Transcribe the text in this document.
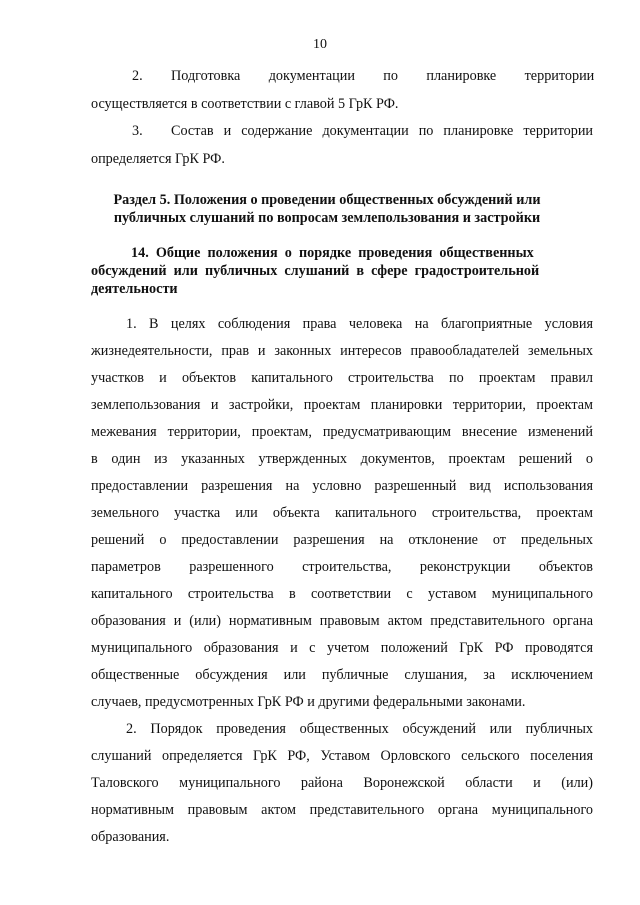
10
2.  Подготовка  документации  по  планировке  территории
осуществляется в соответствии с главой 5 ГрК РФ.
3.  Состав и содержание документации по планировке территории
определяется ГрК РФ.
Раздел 5. Положения о проведении общественных обсуждений или
публичных слушаний по вопросам землепользования и застройки
14. Общие положения о порядке проведения общественных
обсуждений или публичных слушаний в сфере градостроительной
деятельности
1. В целях соблюдения права человека на благоприятные условия
жизнедеятельности, прав и законных интересов правообладателей земельных
участков и объектов капитального строительства по проектам правил
землепользования и застройки, проектам планировки территории, проектам
межевания территории, проектам, предусматривающим внесение изменений
в один из указанных утвержденных документов, проектам решений о
предоставлении разрешения на условно разрешенный вид использования
земельного участка или объекта капитального строительства, проектам
решений о предоставлении разрешения на отклонение от предельных
параметров разрешенного строительства, реконструкции объектов
капитального строительства в соответствии с уставом муниципального
образования и (или) нормативным правовым актом представительного органа
муниципального образования и с учетом положений ГрК РФ проводятся
общественные обсуждения или публичные слушания, за исключением
случаев, предусмотренных ГрК РФ и другими федеральными законами.
2. Порядок проведения общественных обсуждений или публичных
слушаний определяется ГрК РФ, Уставом Орловского сельского поселения
Таловского муниципального района Воронежской области и (или)
нормативным правовым актом представительного органа муниципального
образования.
